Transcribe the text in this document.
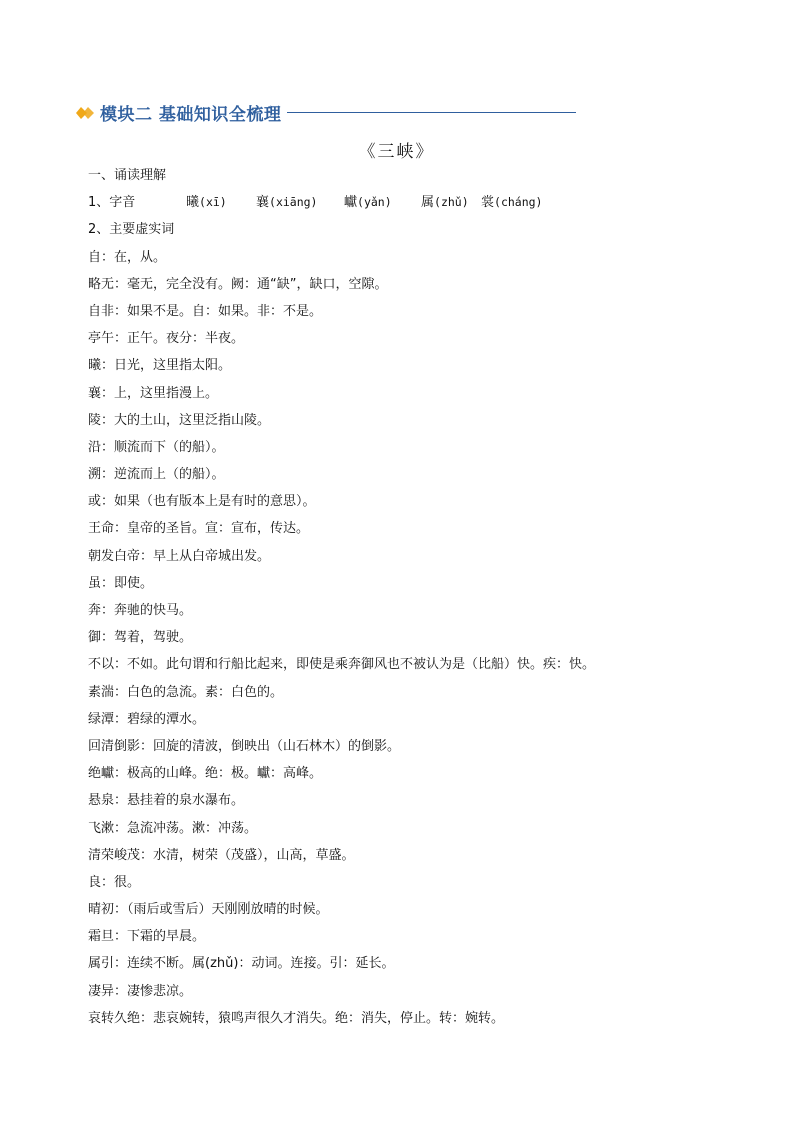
模块二 基础知识全梳理
《三峡》
一、诵读理解
1、字音	曦(xī)	襄(xiāng)	巘(yǎn)	属(zhǔ) 裳(cháng)
2、主要虚实词
自：在，从。
略无：毫无，完全没有。阙：通“缺”，缺口，空隙。
自非：如果不是。自：如果。非：不是。
亭午：正午。夜分：半夜。
曦：日光，这里指太阳。
襄：上，这里指漫上。
陵：大的土山，这里泛指山陵。
沿：顺流而下（的船）。
溯：逆流而上（的船）。
或：如果（也有版本上是有时的意思）。
王命：皇帝的圣旨。宣：宣布，传达。
朝发白帝：早上从白帝城出发。
虽：即使。
奔：奔驰的快马。
御：驾着，驾驶。
不以：不如。此句谓和行船比起来，即使是乘奔御风也不被认为是（比船）快。疾：快。
素湍：白色的急流。素：白色的。
绿潭：碧绿的潭水。
回清倒影：回旋的清波，倒映出（山石林木）的倒影。
绝巘：极高的山峰。绝：极。巘：高峰。
悬泉：悬挂着的泉水瀑布。
飞漱：急流冲荡。漱：冲荡。
清荣峻茂：水清，树荣（茂盛），山高，草盛。
良：很。
晴初：（雨后或雪后）天刚刚放晴的时候。
霜旦：下霜的早晨。
属引：连续不断。属(zhǔ)：动词。连接。引：延长。
凄异：凄惨悲凉。
哀转久绝：悲哀婉转，猿鸣声很久才消失。绝：消失，停止。转：婉转。
